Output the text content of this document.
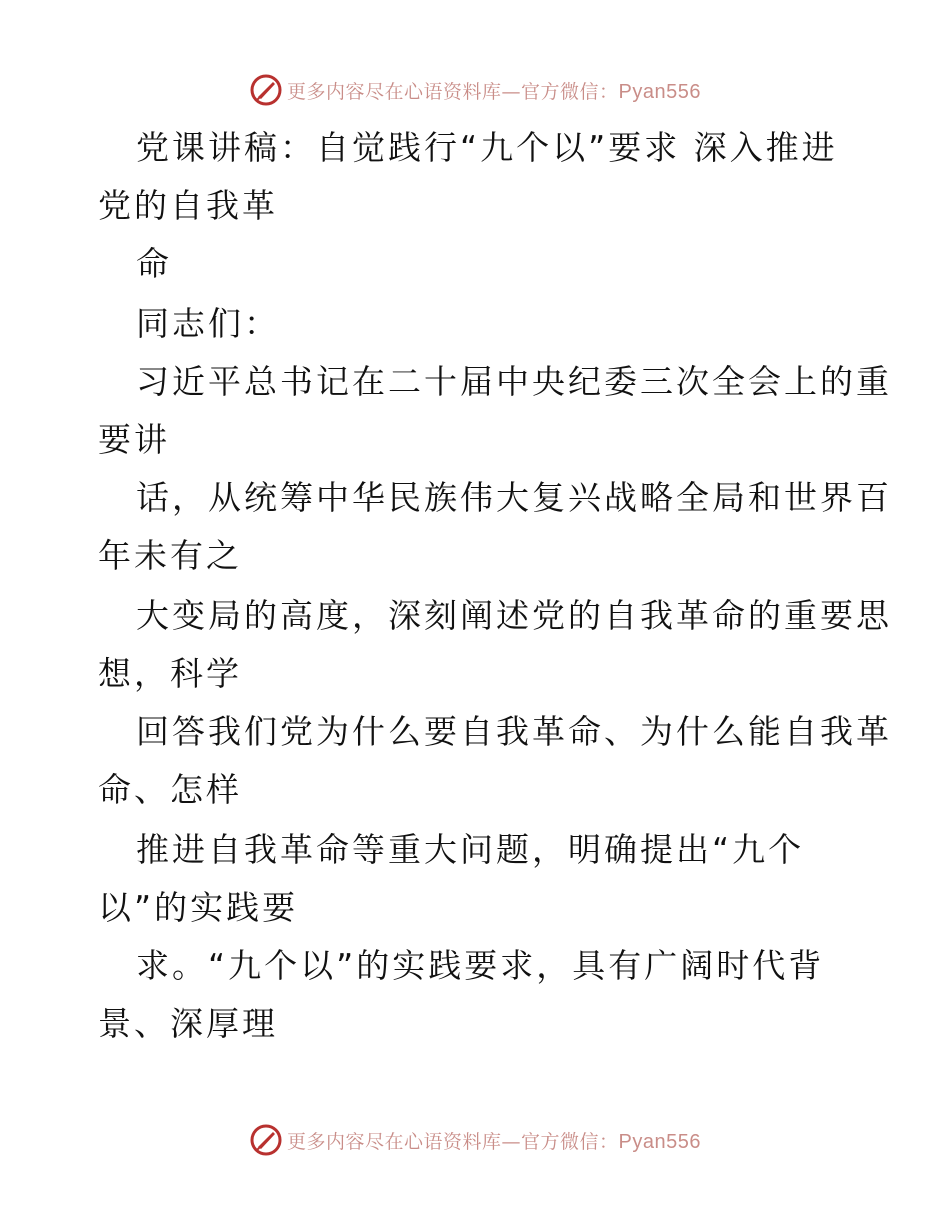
更多内容尽在心语资料库—官方微信：Pyan556
党课讲稿：自觉践行“九个以”要求 深入推进
党的自我革
命
同志们：
习近平总书记在二十届中央纪委三次全会上的重
要讲
话，从统筹中华民族伟大复兴战略全局和世界百
年未有之
大变局的高度，深刻阐述党的自我革命的重要思
想，科学
回答我们党为什么要自我革命、为什么能自我革
命、怎样
推进自我革命等重大问题，明确提出“九个
以”的实践要
求。“九个以”的实践要求，具有广阔时代背
景、深厚理
更多内容尽在心语资料库—官方微信：Pyan556
